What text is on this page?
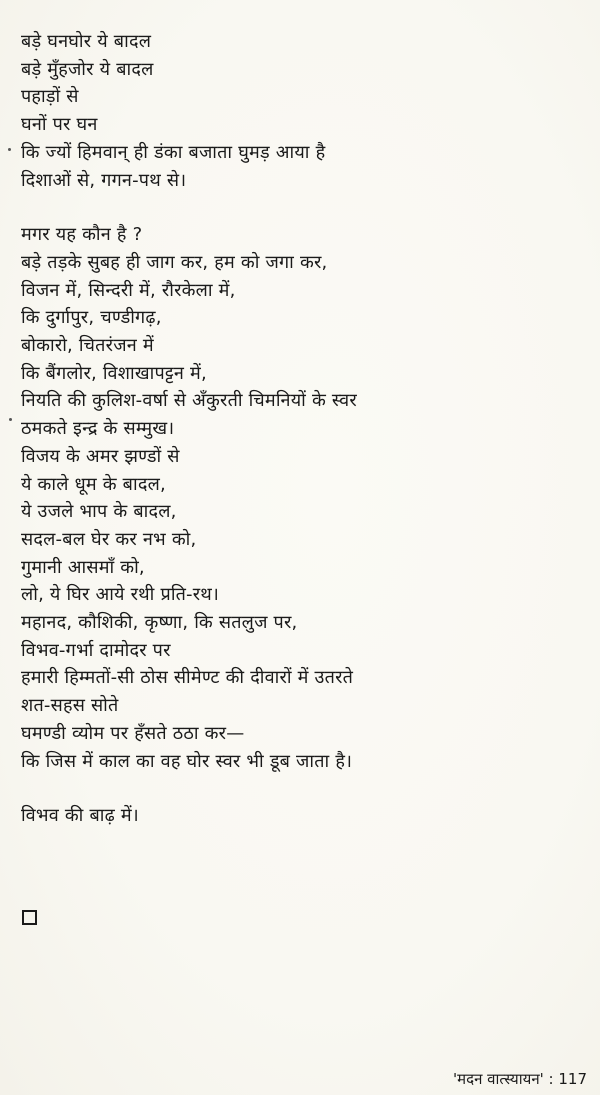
बड़े घनघोर ये बादल
बड़े मुँहजोर ये बादल
पहाड़ों से
घनों पर घन
कि ज्यों हिमवान् ही डंका बजाता घुमड़ आया है
दिशाओं से, गगन-पथ से।
मगर यह कौन है ?
बड़े तड़के सुबह ही जाग कर, हम को जगा कर,
विजन में, सिन्दरी में, रौरकेला में,
कि दुर्गापुर, चण्डीगढ़,
बोकारो, चितरंजन में
कि बैंगलोर, विशाखापट्टन में,
नियति की कुलिश-वर्षा से अँकुरती चिमनियों के स्वर
ठमकते इन्द्र के सम्मुख।
विजय के अमर झण्डों से
ये काले धूम के बादल,
ये उजले भाप के बादल,
सदल-बल घेर कर नभ को,
गुमानी आसमाँ को,
लो, ये घिर आये रथी प्रति-रथ।
महानद, कौशिकी, कृष्णा, कि सतलुज पर,
विभव-गर्भा दामोदर पर
हमारी हिम्मतों-सी ठोस सीमेण्ट की दीवारों में उतरते
शत-सहस सोते
घमण्डी व्योम पर हँसते ठठा कर—
कि जिस में काल का वह घोर स्वर भी डूब जाता है।
विभव की बाढ़ में।
'मदन वात्स्यायन' : 117
